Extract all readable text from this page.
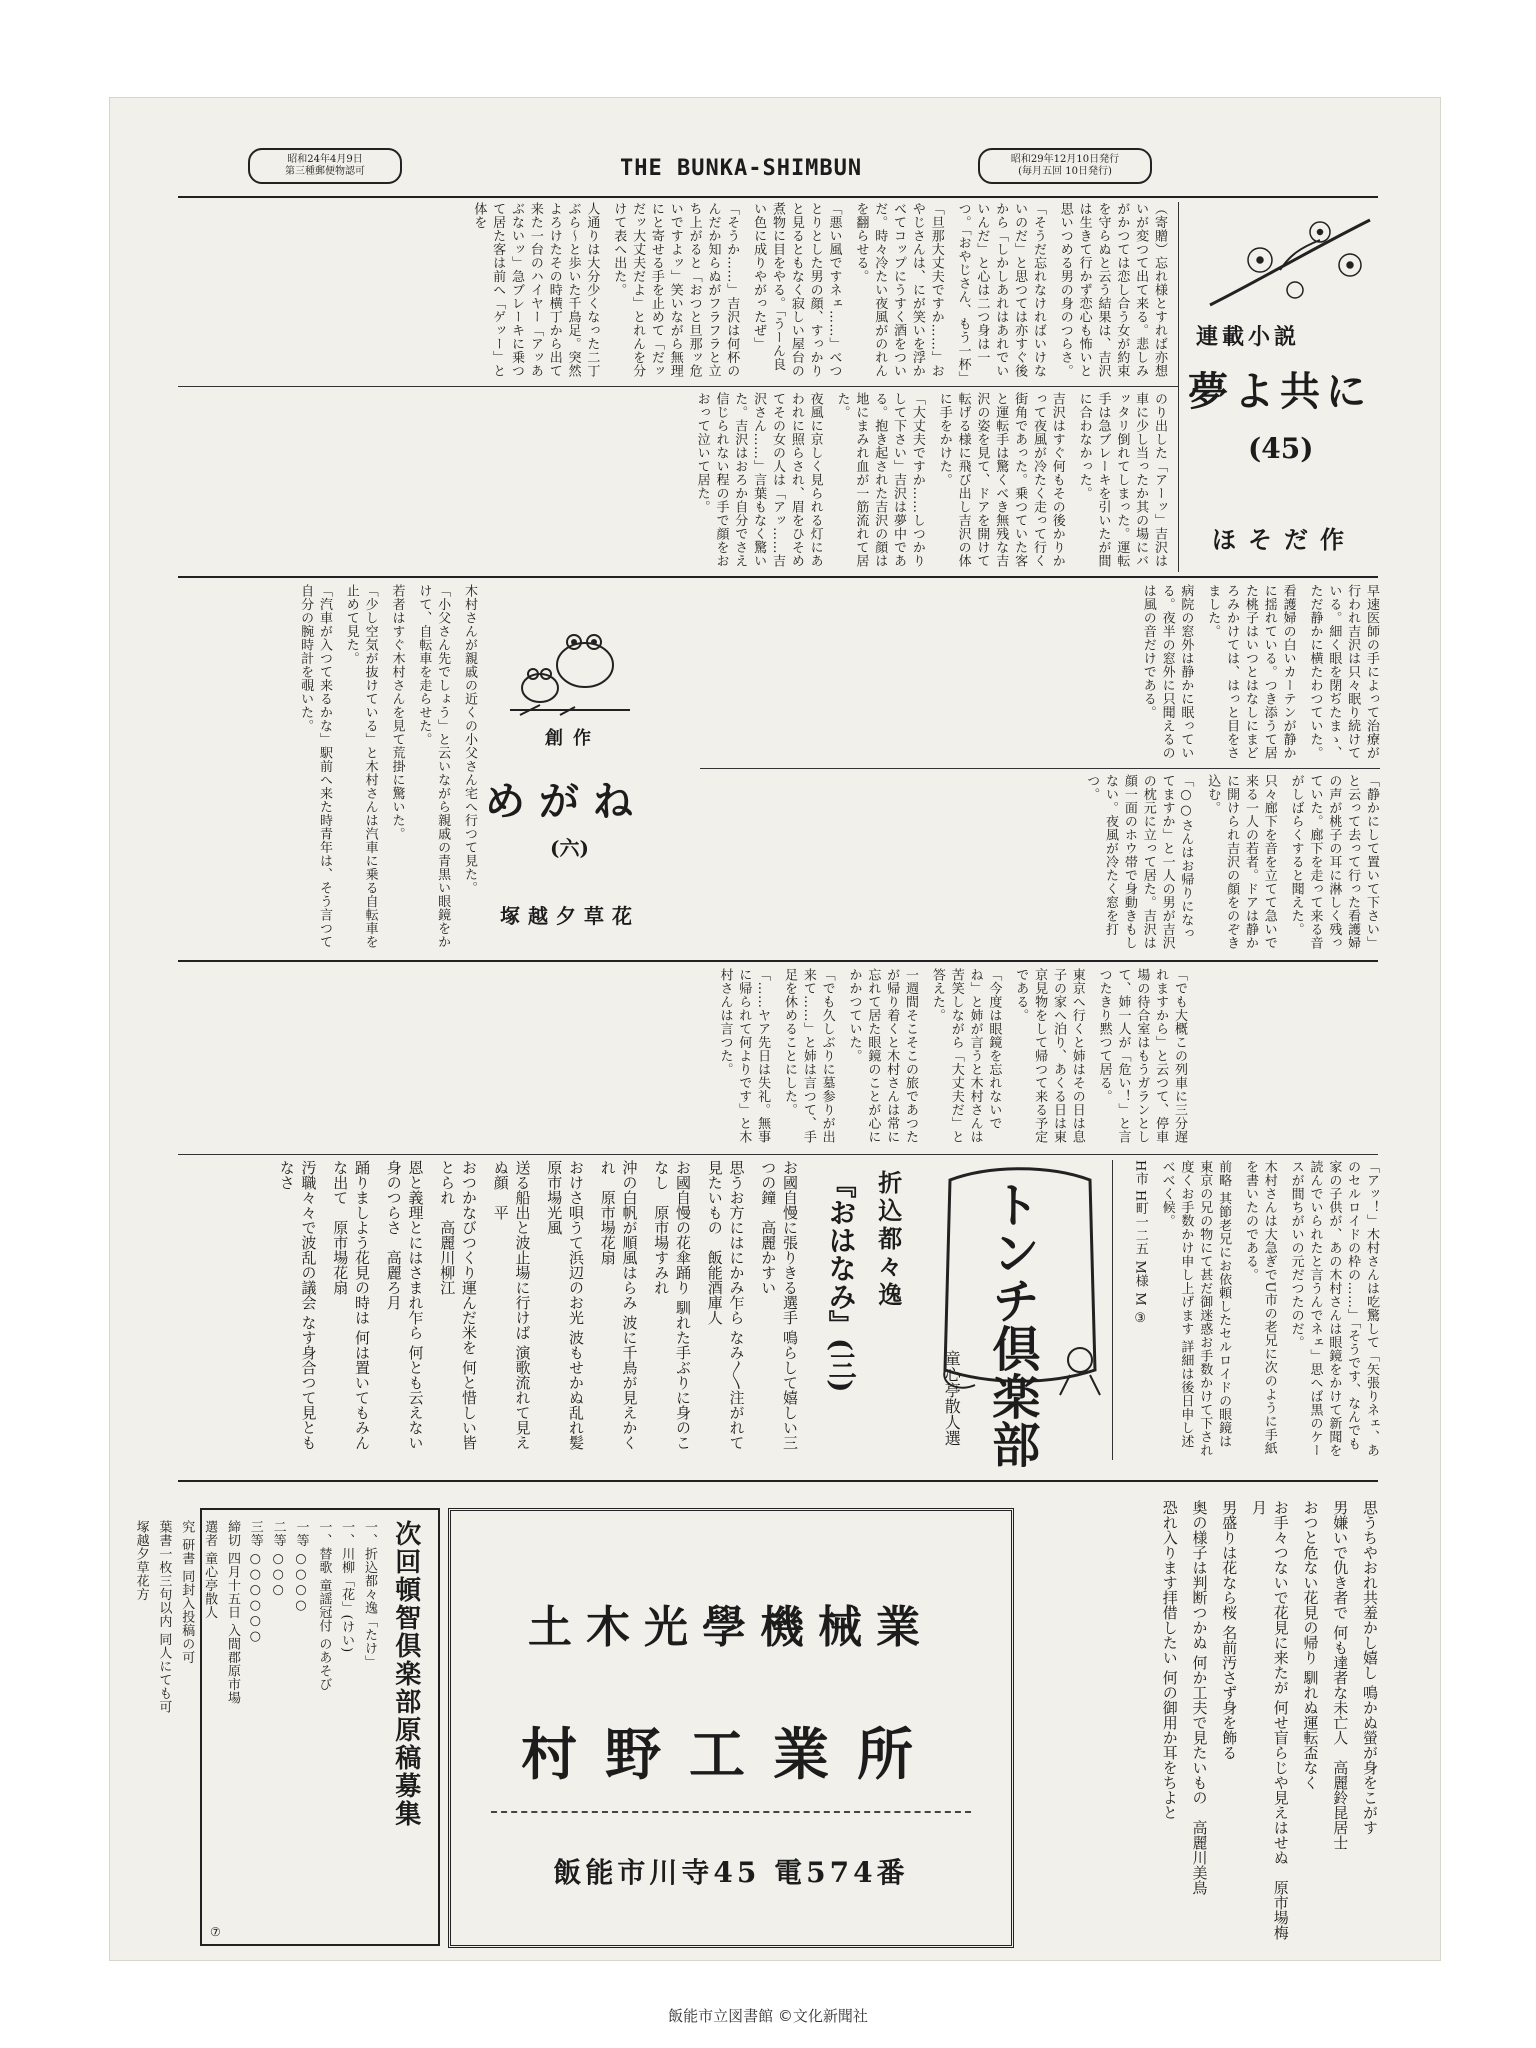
昭和24年4月9日
第三種郵便物認可	THE BUNKA-SHIMBUN	昭和29年12月10日発行
(毎月五回 10日発行)
連載小説
夢よ共に
(45)
ほそだ作

（寄贈）忘れ様とすれば亦想いが変つて出て来る。悲しみがかつては恋し合う女が約束を守らぬと云う結果は、吉沢は生きて行かず恋心も怖いと思いつめる男の身のつらさ。

「そうだ忘れなければいけないのだ」と思つては亦すぐ後から「しかしあれはあれでいいんだ」と心は二つ身は一つ。「おやじさん、もう一杯」

「旦那大丈夫ですか……」おやじさんは、にが笑いを浮かべてコップにうすく酒をついだ。時々冷たい夜風がのれんを翻らせる。

「悪い風ですネェ……」べつとりとした男の顔、すっかりと見るともなく寂しい屋台の煮物に目をやる。「うーん良い色に成りやがったぜ」

「そうか……」吉沢は何杯のんだか知らぬがフラフラと立ち上がると「おつと旦那ッ危いですよッ」笑いながら無理にと寄せる手を止めて「だッだッ大丈夫だよ」とれんを分けて表へ出た。

人通りは大分少くなった二丁ぶら～と歩いた千鳥足。突然よろけたその時横丁から出て来た一台のハイヤー「アッあぶないッ」急ブレーキに乗つて居た客は前へ「ゲッー」と体を

のり出した「アーッ」吉沢は車に少し当ったか其の場にバッタリ倒れてしまった。運転手は急ブレーキを引いたが間に合わなかった。

吉沢はすぐ何もその後かりかって夜風が冷たく走って行く街角であった。乗つていた客と運転手は驚くべき無残な吉沢の姿を見て、ドアを開けて転げる様に飛び出し吉沢の体に手をかけた。

「大丈夫ですか……しつかりして下さい」吉沢は夢中である。抱き起された吉沢の顔は地にまみれ血が一筋流れて居た。

夜風に京しく見られる灯にあわれに照らされ、眉をひそめてその女の人は「アッ……吉沢さん……」言葉もなく驚いた。吉沢はおろか自分でさえ信じられない程の手で顔をおおって泣いて居た。

早速医師の手によって治療が行われ吉沢は只々眠り続けている。細く眼を閉ぢたまゝ、ただ静かに横たわつていた。

看護婦の白いカーテンが静かに揺れている。つき添うて居た桃子はいつとはなしにまどろみかけては、はっと目をさました。

病院の窓外は静かに眠っている。夜半の窓外に只聞えるのは風の音だけである。

「静かにして置いて下さい」と云って去って行った看護婦の声が桃子の耳に淋しく残っていた。廊下を走って来る音がしばらくすると聞えた。

只々廊下を音を立てて急いで来る一人の若者。ドアは静かに開けられ吉沢の顔をのぞき込む。

「○○さんはお帰りになってますか」と一人の男が吉沢の枕元に立って居た。吉沢は顔一面のホウ帯で身動きもしない。夜風が冷たく窓を打つ。

創作
めがね
(六)
塚越夕草花

木村さんが親戚の近くの小父さん宅へ行つて見た。

「小父さん先でしょう」と云いながら親戚の青黒い眼鏡をかけて、自転車を走らせた。

若者はすぐ木村さんを見て荒掛に驚いた。

「少し空気が抜けている」と木村さんは汽車に乗る自転車を止めて見た。

「汽車が入つて来るかな」駅前へ来た時青年は、そう言つて自分の腕時計を覗いた。

「でも大概この列車に三分遅れますから」と云つて、停車場の待合室はもうガランとして、姉一人が「危い！」と言つたきり黙つて居る。

東京へ行くと姉はその日は息子の家へ泊り、あくる日は東京見物をして帰つて来る予定である。

「今度は眼鏡を忘れないでね」と姉が言うと木村さんは苦笑しながら「大丈夫だ」と答えた。

一週間そこそこの旅であつたが帰り着くと木村さんは常に忘れて居た眼鏡のことが心にかかつていた。

「でも久しぶりに墓参りが出来て……」と姉は言つて、手足を休めることにした。

「……ヤア先日は失礼。無事に帰られて何よりです」と木村さんは言つた。

「アッ！」木村さんは吃驚して「矢張りネェ、あのセルロイドの枠の……」「そうです、なんでも家の子供が、あの木村さんは眼鏡をかけて新聞を読んでいられたと言うんでネェ」思へば黒のケースが間ちがいの元だつたのだ。

木村さんは大急ぎでU市の老兄に次のように手紙を書いたのである。

前略 其節老兄にお依頼したセルロイドの眼鏡は東京の兄の物にて甚だ御迷惑お手数かけて下され度くお手数かけ申し上げます 詳細は後日申し述べべく候。

H市 H町一二五 M様 M ③

トンチ倶楽部
童心亭散人選
折込都々逸
『おはなみ』(三)

お國自慢に張りきる選手 鳴らして嬉しい三つの鐘　高麗かすい

思うお方にはにかみ乍ら なみ〳〵注がれて見たいもの　飯能酒庫人

お國自慢の花傘踊り 馴れた手ぶりに身のこなし　原市場すみれ

沖の白帆が順風はらみ 波に千鳥が見えかくれ　原市場花扇

おけさ唄うて浜辺のお光 波もせかぬ乱れ髪　原市場光風

送る船出と波止場に行けば 演歌流れて見えぬ顔　平

おつかなびつくり運んだ米を 何と惜しい皆とられ　高麗川柳江

恩と義理とにはさまれ乍ら 何とも云えない身のつらさ　高麗ろ月

踊りましよう花見の時は 何は置いてもみんな出て　原市場花扇

汚職々々で波乱の議会 なす身合つて見ともなさ　

思うちやおれ共羞かし嬉し 鳴かぬ螢が身をこがす　

男嫌いで仇き者で 何も達者な未亡人　高麗鈴昆居士

おつと危ない花見の帰り 馴れぬ運転盃なく　

お手々つないで花見に来たが 何せ盲らじや見えはせぬ　原市場梅月

男盛りは花なら桜 名前汚さず身を飾る　

奥の様子は判断つかぬ 何か工夫で見たいもの　高麗川美鳥

恐れ入ります拝借したい 何の御用か耳をちよと　

土木光學機械業
村野工業所
飯能市川寺45 電574番
次回頓智倶楽部原稿募集

一、折込都々逸「たけ」

一、川柳「花」(けい)

一、替歌 童謡冠付 のあそび

一等 ○○○○

二等 ○○○

三等 ○○○○○○

締切 四月十五日 入間郡原市場

選者 童心亭散人

究 研書 同封入投稿の可

葉書一枚三句以内 同人にても可

塚越夕草花方

⑦
飯能市立図書館 ©文化新聞社
